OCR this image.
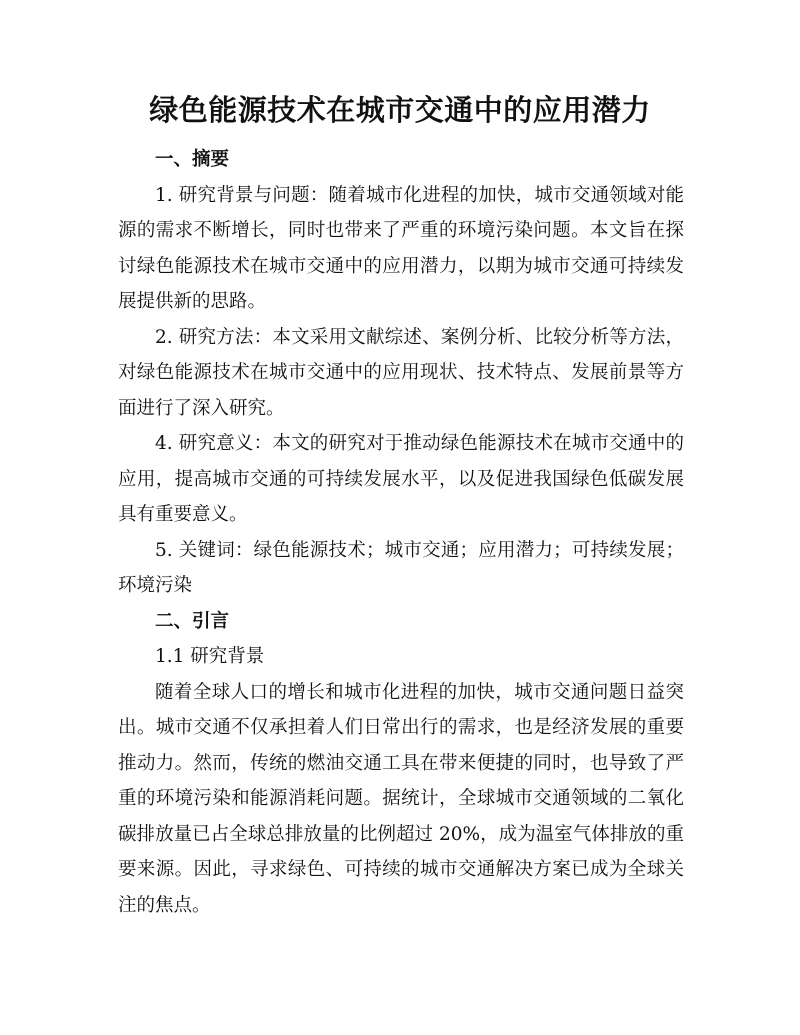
绿色能源技术在城市交通中的应用潜力
一、摘要

1. 研究背景与问题：随着城市化进程的加快，城市交通领域对能源的需求不断增长，同时也带来了严重的环境污染问题。本文旨在探讨绿色能源技术在城市交通中的应用潜力，以期为城市交通可持续发展提供新的思路。

2. 研究方法：本文采用文献综述、案例分析、比较分析等方法，对绿色能源技术在城市交通中的应用现状、技术特点、发展前景等方面进行了深入研究。

4. 研究意义：本文的研究对于推动绿色能源技术在城市交通中的应用，提高城市交通的可持续发展水平，以及促进我国绿色低碳发展具有重要意义。

5. 关键词：绿色能源技术；城市交通；应用潜力；可持续发展；环境污染

二、引言

1.1 研究背景

随着全球人口的增长和城市化进程的加快，城市交通问题日益突出。城市交通不仅承担着人们日常出行的需求，也是经济发展的重要推动力。然而，传统的燃油交通工具在带来便捷的同时，也导致了严重的环境污染和能源消耗问题。据统计，全球城市交通领域的二氧化碳排放量已占全球总排放量的比例超过 20%，成为温室气体排放的重要来源。因此，寻求绿色、可持续的城市交通解决方案已成为全球关注的焦点。
